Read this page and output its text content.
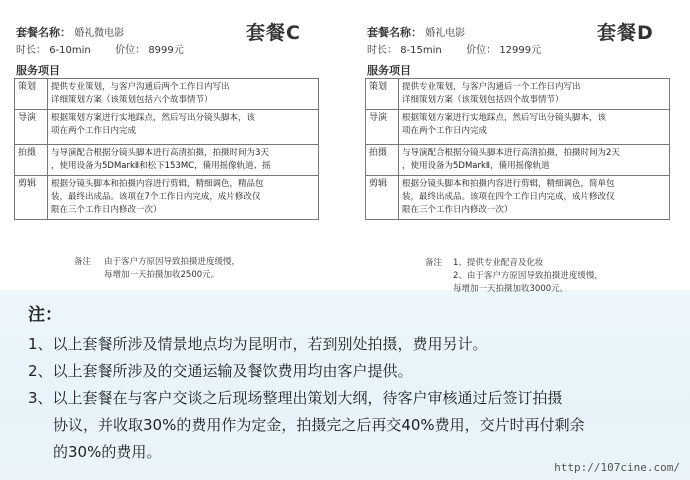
套餐名称： 婚礼微电影
时长： 6-10min 价位： 8999元
套餐C
服务项目
策划	提供专业策划，与客户沟通后两个工作日内写出
详细策划方案（该策划包括六个故事情节）

导演	根据策划方案进行实地踩点，然后写出分镜头脚本，该
项在两个工作日内完成

拍摄	与导演配合根据分镜头脚本进行高清拍摄，拍摄时间为3天
，使用设备为5DMarkⅡ和松下153MC，備用摇像轨道、摇

剪辑	根据分镜头脚本和拍摄内容进行剪辑，精细调色，精品包
装，最终出成品。该项在7个工作日内完成，成片修改仅
限在三个工作日内修改一次）
备注 由于客户方原因导致拍摄进度缓慢，
每增加一天拍摄加收2500元。
套餐名称： 婚礼电影
时长： 8-15min 价位： 12999元
套餐D
服务项目
策划	提供专业策划，与客户沟通后一个工作日内写出
详细策划方案（该策划包括四个故事情节）

导演	根据策划方案进行实地踩点，然后写出分镜头脚本，该
项在两个工作日内完成

拍摄	与导演配合根据分镜头脚本进行高清拍摄，拍摄时间为2天
，使用设备为5DMarkⅡ，備用摇像轨道

剪辑	根据分镜头脚本和拍摄内容进行剪辑，精细调色，简单包
装，最终出成品。该项在四个工作日内完成，成片修改仅
限在三个工作日内修改一次）
备注 1、提供专业配音及化妆
2、由于客户方原因导致拍摄进度缓慢，
每增加一天拍摄加收3000元。
注：
1、以上套餐所涉及情景地点均为昆明市，若到别处拍摄，费用另计。
2、以上套餐所涉及的交通运输及餐饮费用均由客户提供。
3、以上套餐在与客户交谈之后现场整理出策划大纲，待客户审核通过后签订拍摄
协议，并收取30%的费用作为定金，拍摄完之后再交40%费用，交片时再付剩余
的30%的费用。
http://107cine.com/
